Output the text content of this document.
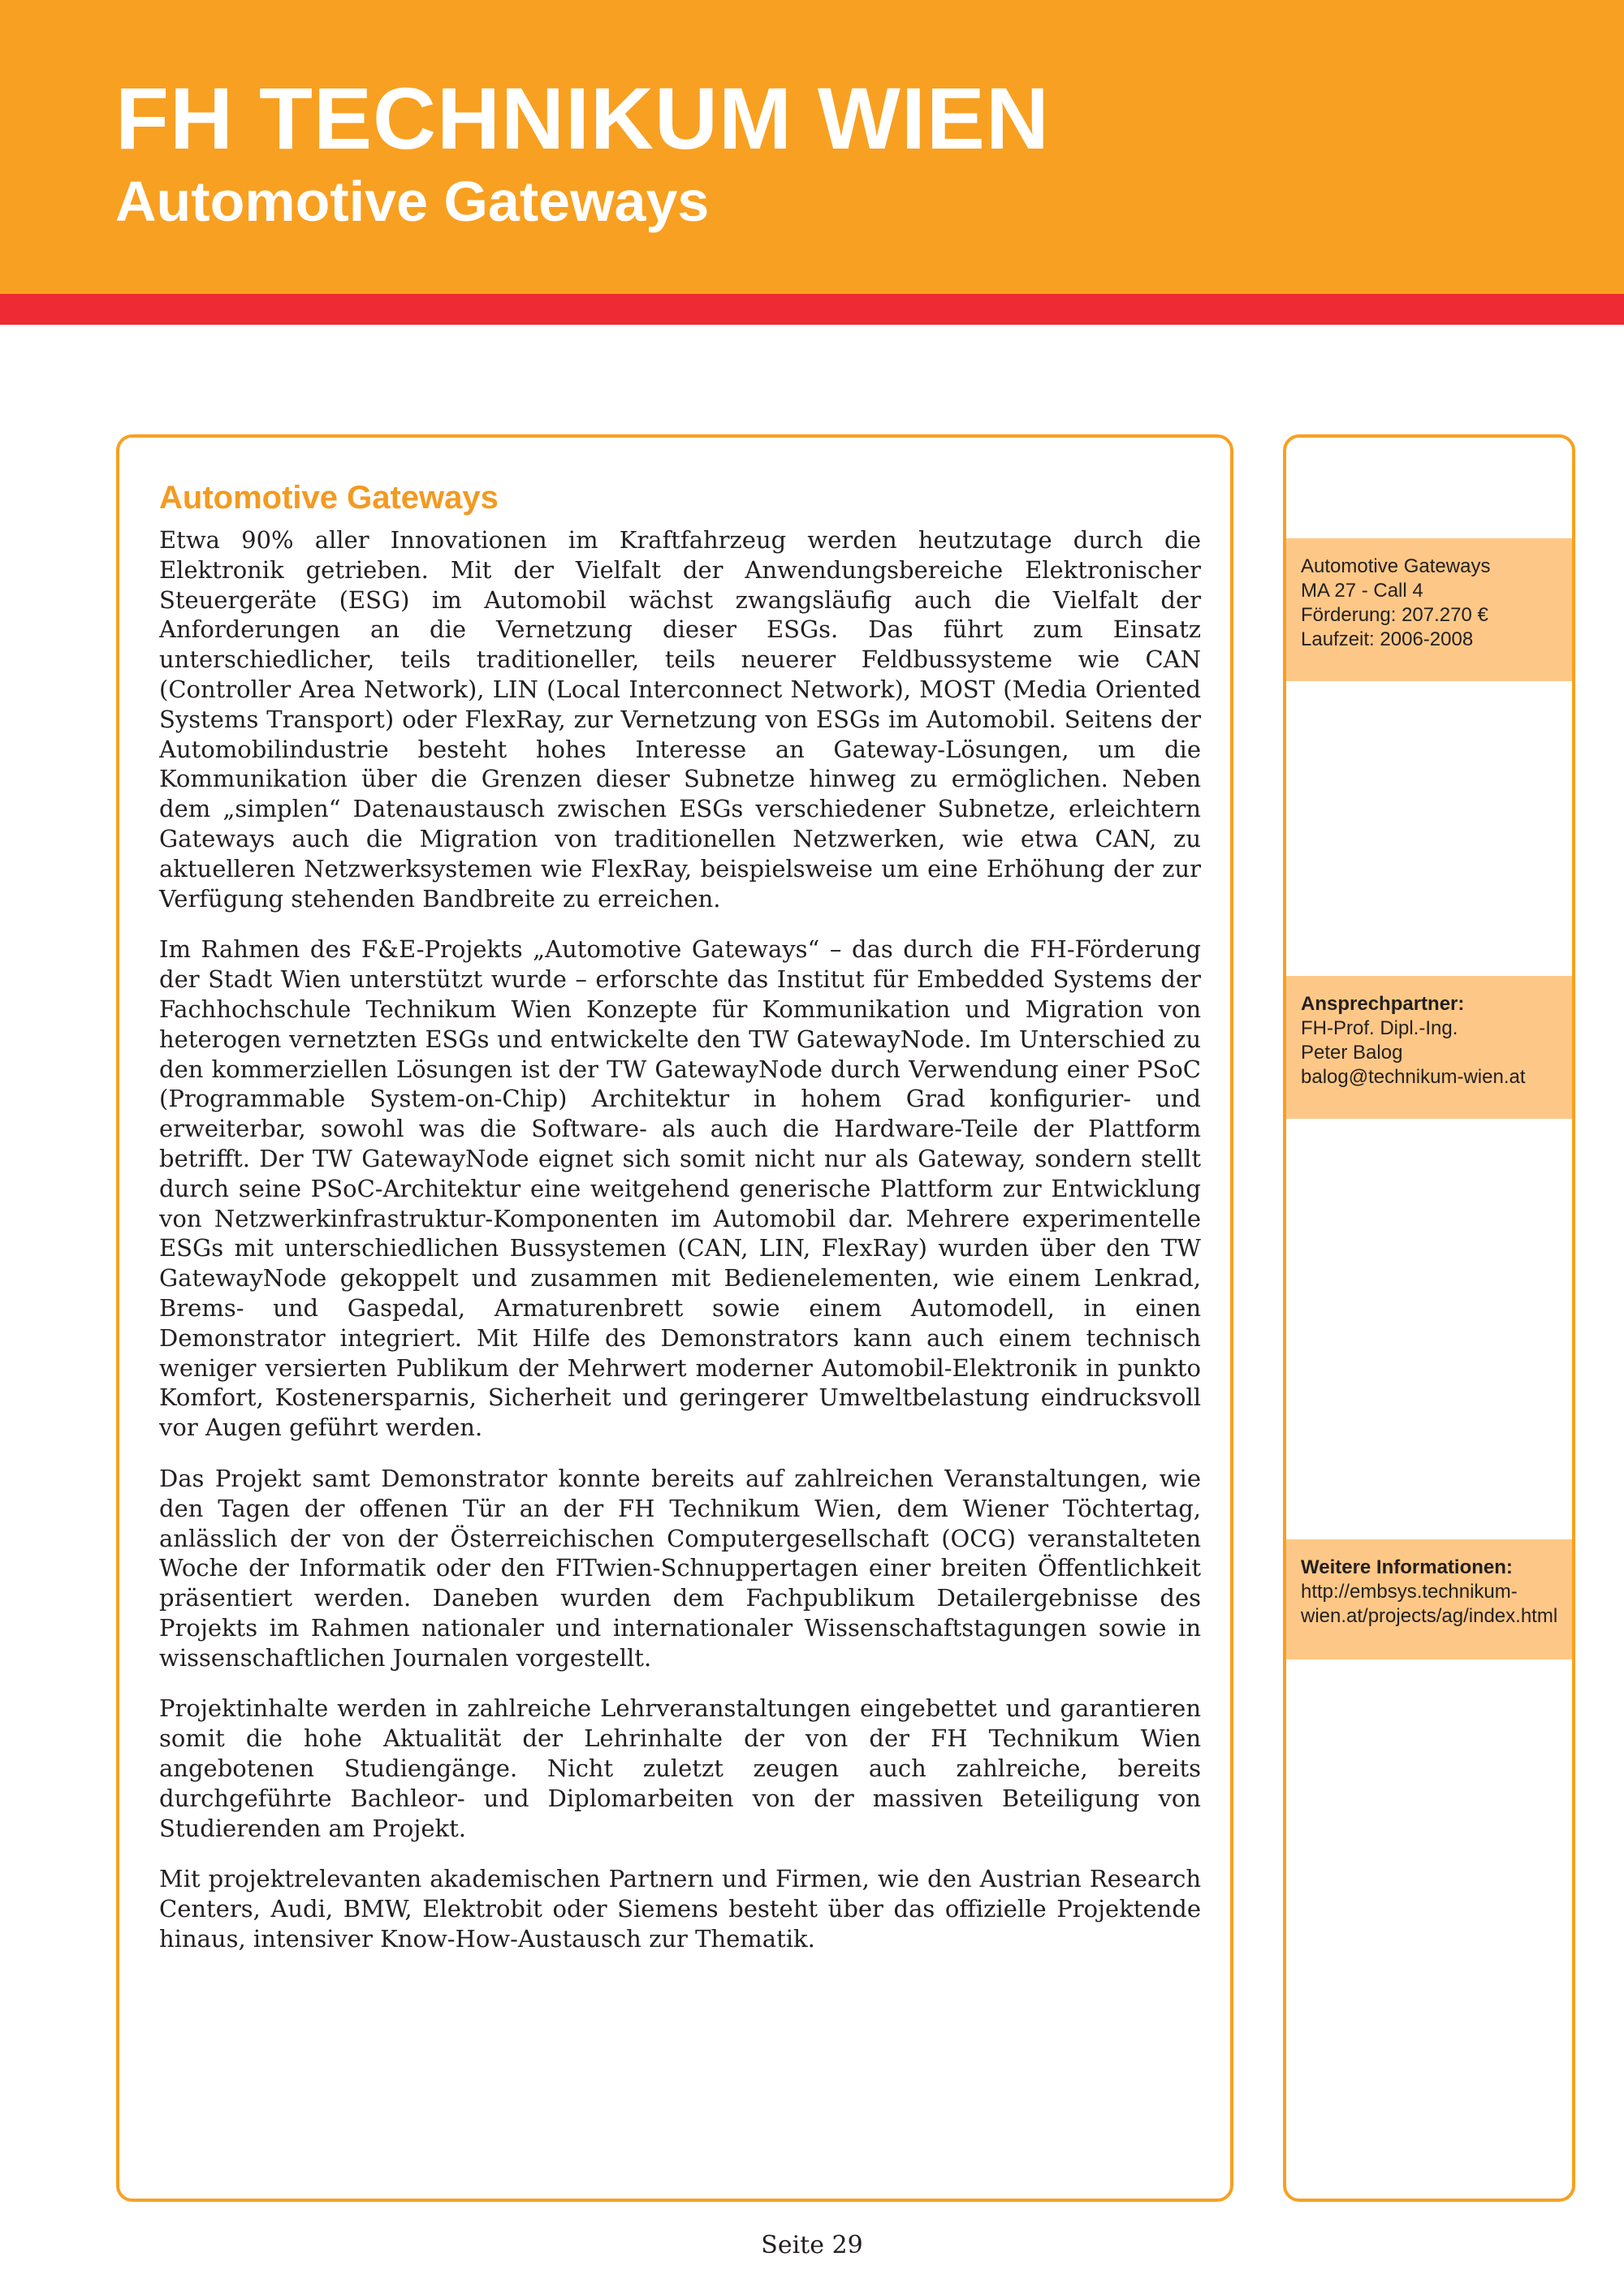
FH TECHNIKUM WIEN
Automotive Gateways
Automotive Gateways

Etwa 90% aller Innovationen im Kraftfahrzeug werden heutzutage durch die Elektronik getrieben. Mit der Vielfalt der Anwendungsbereiche Elektronischer Steuergeräte (ESG) im Automobil wächst zwangsläufig auch die Vielfalt der Anforderungen an die Vernetzung dieser ESGs. Das führt zum Einsatz unterschiedlicher, teils traditioneller, teils neuerer Feldbussysteme wie CAN (Controller Area Network), LIN (Local Interconnect Network), MOST (Media Oriented Systems Transport) oder FlexRay, zur Vernetzung von ESGs im Automobil. Seitens der Automobilindustrie besteht hohes Interesse an Gateway-Lösungen, um die Kommunikation über die Grenzen dieser Subnetze hinweg zu ermöglichen. Neben dem „simplen“ Datenaustausch zwischen ESGs verschiedener Subnetze, erleichtern Gateways auch die Migration von traditionellen Netzwerken, wie etwa CAN, zu aktuelleren Netzwerksystemen wie FlexRay, beispielsweise um eine Erhöhung der zur Verfügung stehenden Bandbreite zu erreichen.

Im Rahmen des F&E-Projekts „Automotive Gateways“ – das durch die FH-Förderung der Stadt Wien unterstützt wurde – erforschte das Institut für Embedded Systems der Fachhochschule Technikum Wien Konzepte für Kommunikation und Migration von heterogen vernetzten ESGs und entwickelte den TW GatewayNode. Im Unterschied zu den kommerziellen Lösungen ist der TW GatewayNode durch Verwendung einer PSoC (Programmable System-on-Chip) Architektur in hohem Grad konfigurier- und erweiterbar, sowohl was die Software- als auch die Hardware-Teile der Plattform betrifft. Der TW GatewayNode eignet sich somit nicht nur als Gateway, sondern stellt durch seine PSoC-Architektur eine weitgehend generische Plattform zur Entwicklung von Netzwerkinfrastruktur-Komponenten im Automobil dar. Mehrere experimentelle ESGs mit unterschiedlichen Bussystemen (CAN, LIN, FlexRay) wurden über den TW GatewayNode gekoppelt und zusammen mit Bedienelementen, wie einem Lenkrad, Brems- und Gaspedal, Armaturenbrett sowie einem Automodell, in einen Demonstrator integriert. Mit Hilfe des Demonstrators kann auch einem technisch weniger versierten Publikum der Mehrwert moderner Automobil-Elektronik in punkto Komfort, Kostenersparnis, Sicherheit und geringerer Umweltbelastung eindrucksvoll vor Augen geführt werden.

Das Projekt samt Demonstrator konnte bereits auf zahlreichen Veranstaltungen, wie den Tagen der offenen Tür an der FH Technikum Wien, dem Wiener Töchtertag, anlässlich der von der Österreichischen Computergesellschaft (OCG) veranstalteten Woche der Informatik oder den FITwien-Schnuppertagen einer breiten Öffentlichkeit präsentiert werden. Daneben wurden dem Fachpublikum Detailergebnisse des Projekts im Rahmen nationaler und internationaler Wissenschaftstagungen sowie in wissenschaftlichen Journalen vorgestellt.

Projektinhalte werden in zahlreiche Lehrveranstaltungen eingebettet und garantieren somit die hohe Aktualität der Lehrinhalte der von der FH Technikum Wien angebotenen Studiengänge. Nicht zuletzt zeugen auch zahlreiche, bereits durchgeführte Bachleor- und Diplomarbeiten von der massiven Beteiligung von Studierenden am Projekt.

Mit projektrelevanten akademischen Partnern und Firmen, wie den Austrian Research Centers, Audi, BMW, Elektrobit oder Siemens besteht über das offizielle Projektende hinaus, intensiver Know-How-Austausch zur Thematik.

Automotive Gateways
MA 27 - Call 4
Förderung: 207.270 €
Laufzeit: 2006-2008
Ansprechpartner:
FH-Prof. Dipl.-Ing.
Peter Balog
balog@technikum-wien.at
Weitere Informationen:
http://embsys.technikum-
wien.at/projects/ag/index.html
Seite 29
